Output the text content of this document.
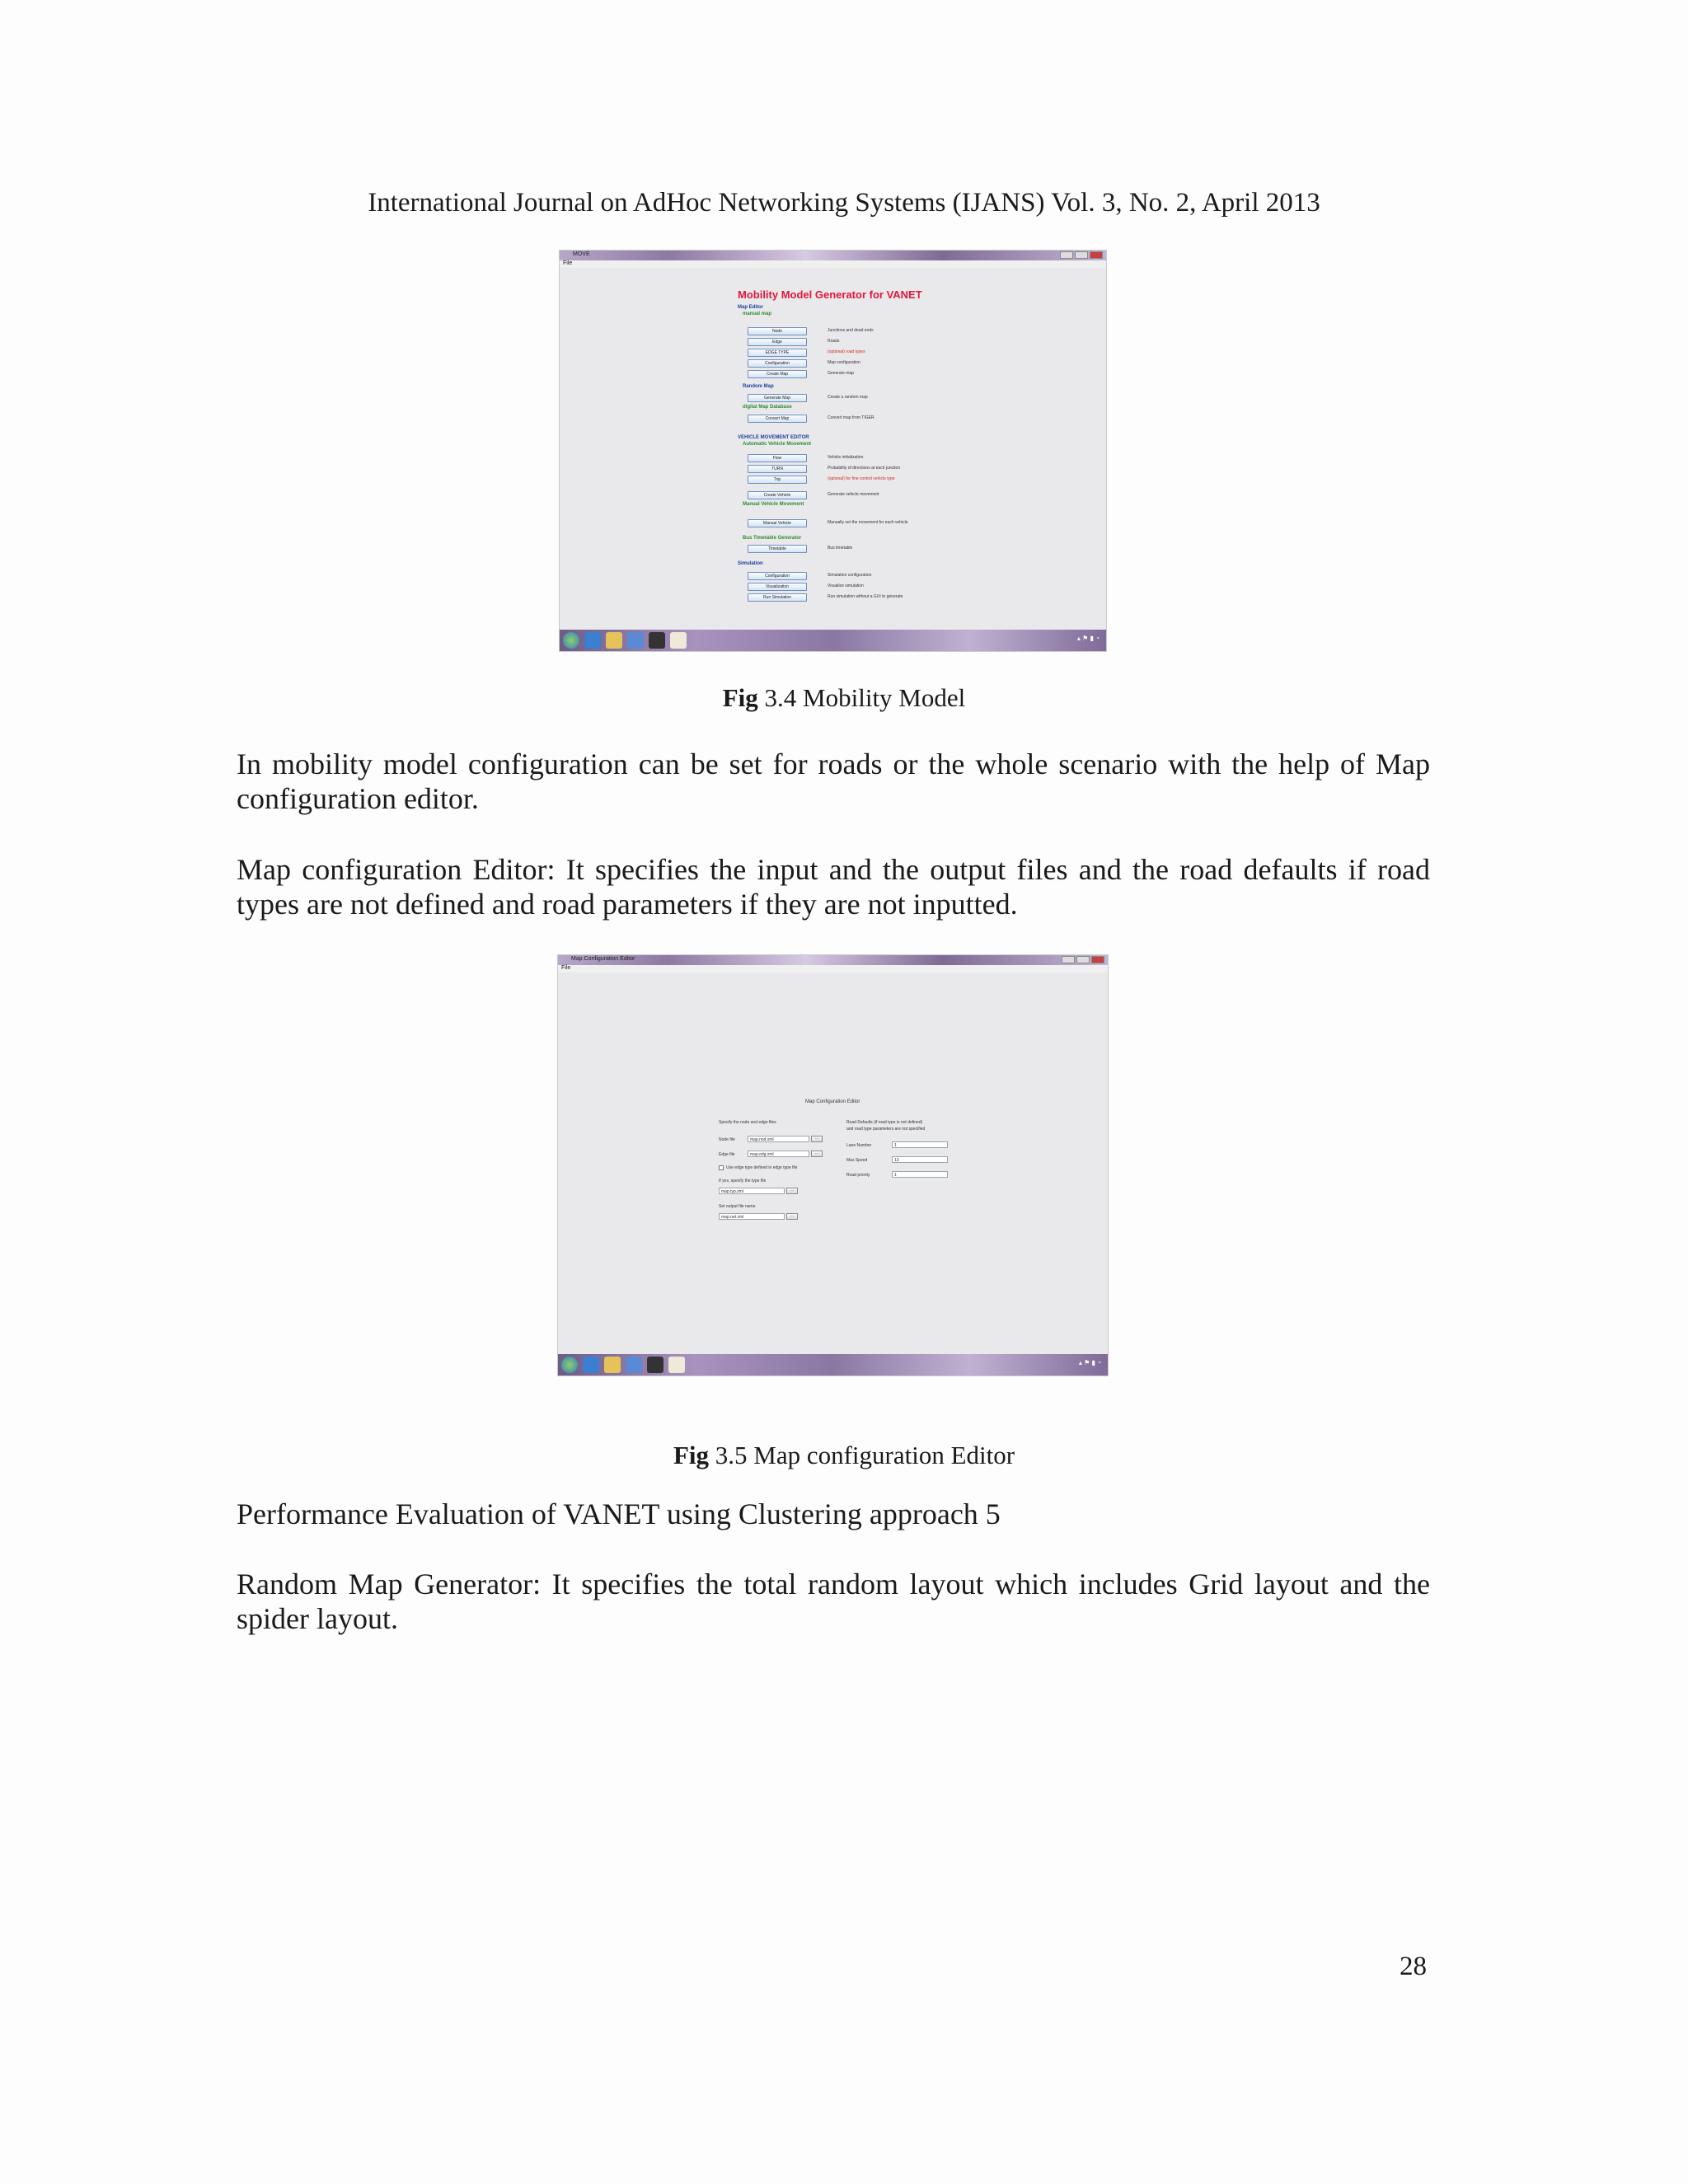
International Journal on AdHoc Networking Systems (IJANS) Vol. 3, No. 2, April 2013
MOVE
File
Mobility Model Generator for VANET
Map Editor
manual map
Node	Junctions and dead ends
Edge	Roads
EDGE TYPE	(optional) road types
Configuration	Map configuration
Create Map	Generate map
Random Map
Generate Map	Create a random map
digital Map Database
Convert Map	Convert map from TIGER
VEHICLE MOVEMENT EDITOR
Automatic Vehicle Movement
Flow	Vehicle initialization
TURN	Probability of directions at each junction
Trip	(optional) for fine control vehicle type
Create Vehicle	Generate vehicle movement
Manual Vehicle Movement
Manual Vehicle	Manually set the movement for each vehicle
Bus Timetable Generator
Timetable	Bus timetable
Simulation
Configuration	Simulation configuration
Visualization	Visualize simulation
Run Simulation	Run simulation without a GUI to generate
▴ ⚑ ▮ ◔
Fig 3.4 Mobility Model
In mobility model configuration can be set for roads or the whole scenario with the help of Map configuration editor.
Map configuration Editor: It specifies the input and the output files and the road defaults if road types are not defined and road parameters if they are not inputted.
Map Configuration Editor
File
Map Configuration Editor
Specify the node and edge files
Node file	map.nod.xml	…
Edge file	map.edg.xml	…
Use edge type defined in edge type file
If yes, specify the type file
map.typ.xml	…
Set output file name
map.net.xml	…
Road Defaults (if road type is not defined)
and road type parameters are not specified
Lane Number	1
Max Speed	13
Road priority	1
▴ ⚑ ▮ ◔
Fig 3.5 Map configuration Editor
Performance Evaluation of VANET using Clustering approach 5
Random Map Generator: It specifies the total random layout which includes Grid layout and the spider layout.
28
